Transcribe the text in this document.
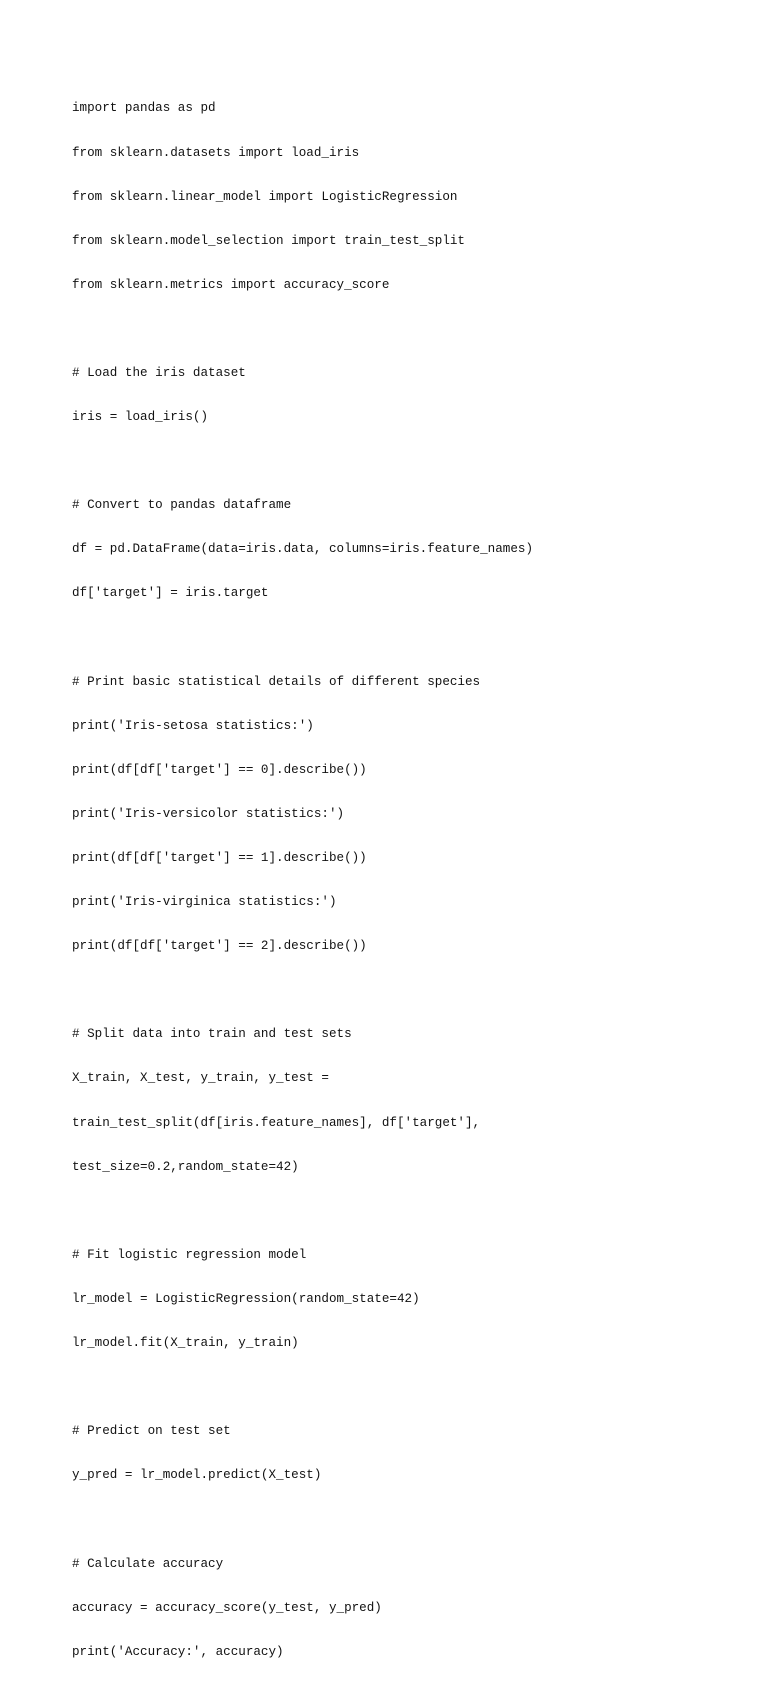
import pandas as pd

from sklearn.datasets import load_iris

from sklearn.linear_model import LogisticRegression

from sklearn.model_selection import train_test_split

from sklearn.metrics import accuracy_score

# Load the iris dataset

iris = load_iris()

# Convert to pandas dataframe

df = pd.DataFrame(data=iris.data, columns=iris.feature_names)

df['target'] = iris.target

# Print basic statistical details of different species

print('Iris-setosa statistics:')

print(df[df['target'] == 0].describe())

print('Iris-versicolor statistics:')

print(df[df['target'] == 1].describe())

print('Iris-virginica statistics:')

print(df[df['target'] == 2].describe())

# Split data into train and test sets

X_train, X_test, y_train, y_test =

train_test_split(df[iris.feature_names], df['target'],

test_size=0.2,random_state=42)

# Fit logistic regression model

lr_model = LogisticRegression(random_state=42)

lr_model.fit(X_train, y_train)

# Predict on test set

y_pred = lr_model.predict(X_test)

# Calculate accuracy

accuracy = accuracy_score(y_test, y_pred)

print('Accuracy:', accuracy)
